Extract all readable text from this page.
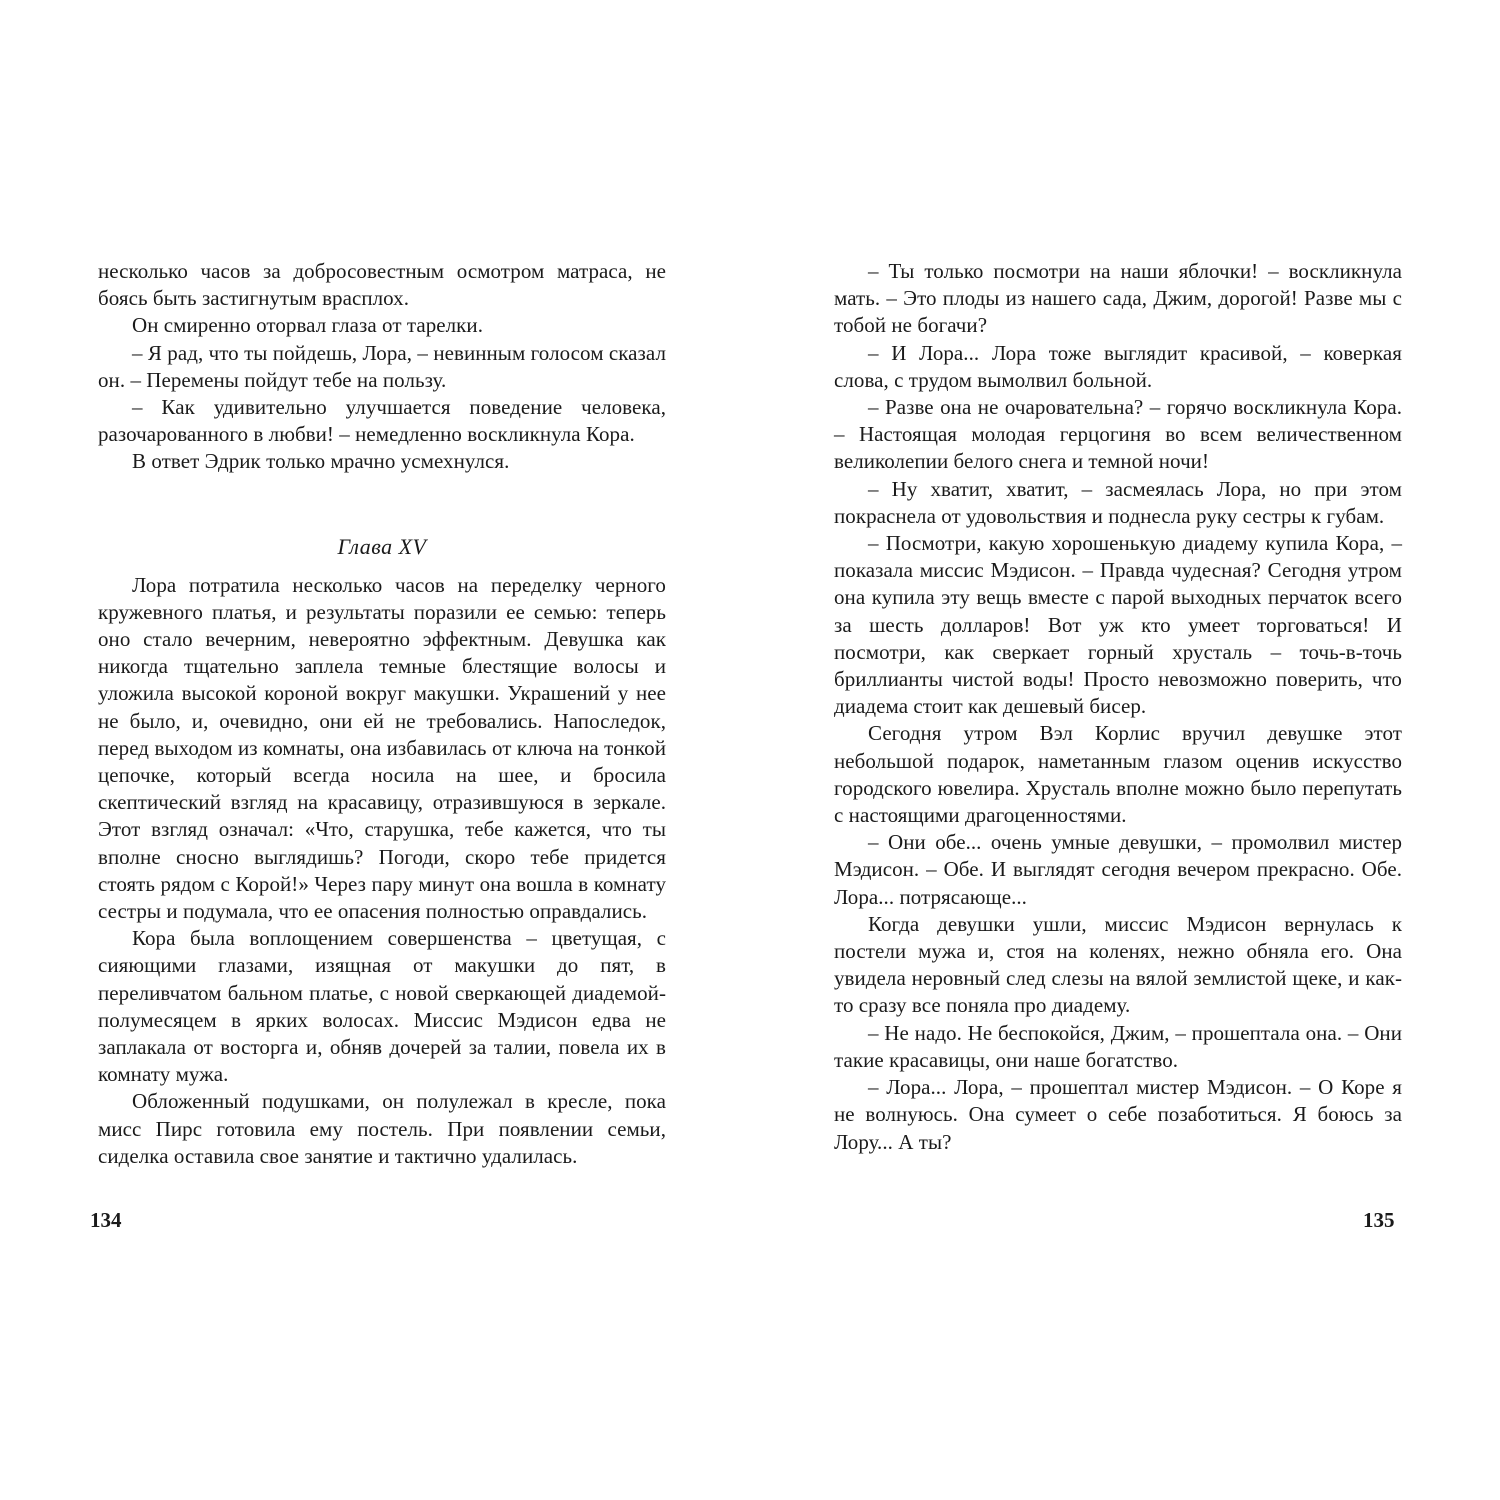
несколько часов за добросовестным осмотром матраса, не боясь быть застигнутым врасплох.

Он смиренно оторвал глаза от тарелки.

– Я рад, что ты пойдешь, Лора, – невинным голосом сказал он. – Перемены пойдут тебе на пользу.

– Как удивительно улучшается поведение человека, разочарованного в любви! – немедленно воскликнула Кора.

В ответ Эдрик только мрачно усмехнулся.

Глава XV

Лора потратила несколько часов на переделку черного кружевного платья, и результаты поразили ее семью: теперь оно стало вечерним, невероятно эффектным. Девушка как никогда тщательно заплела темные блестящие волосы и уложила высокой короной вокруг макушки. Украшений у нее не было, и, очевидно, они ей не требовались. Напоследок, перед выходом из комнаты, она избавилась от ключа на тонкой цепочке, который всегда носила на шее, и бросила скептический взгляд на красавицу, отразившуюся в зеркале. Этот взгляд означал: «Что, старушка, тебе кажется, что ты вполне сносно выглядишь? Погоди, скоро тебе придется стоять рядом с Корой!» Через пару минут она вошла в комнату сестры и подумала, что ее опасения полностью оправдались.

Кора была воплощением совершенства – цветущая, с сияющими глазами, изящная от макушки до пят, в переливчатом бальном платье, с новой сверкающей диадемой-полумесяцем в ярких волосах. Миссис Мэдисон едва не заплакала от восторга и, обняв дочерей за талии, повела их в комнату мужа.

Обложенный подушками, он полулежал в кресле, пока мисс Пирс готовила ему постель. При появлении семьи, сиделка оставила свое занятие и тактично удалилась.

134

– Ты только посмотри на наши яблочки! – воскликнула мать. – Это плоды из нашего сада, Джим, дорогой! Разве мы с тобой не богачи?

– И Лора... Лора тоже выглядит красивой, – коверкая слова, с трудом вымолвил больной.

– Разве она не очаровательна? – горячо воскликнула Кора. – Настоящая молодая герцогиня во всем величественном великолепии белого снега и темной ночи!

– Ну хватит, хватит, – засмеялась Лора, но при этом покраснела от удовольствия и поднесла руку сестры к губам.

– Посмотри, какую хорошенькую диадему купила Кора, – показала миссис Мэдисон. – Правда чудесная? Сегодня утром она купила эту вещь вместе с парой выходных перчаток всего за шесть долларов! Вот уж кто умеет торговаться! И посмотри, как сверкает горный хрусталь – точь-в-точь бриллианты чистой воды! Просто невозможно поверить, что диадема стоит как дешевый бисер.

Сегодня утром Вэл Корлис вручил девушке этот небольшой подарок, наметанным глазом оценив искусство городского ювелира. Хрусталь вполне можно было перепутать с настоящими драгоценностями.

– Они обе... очень умные девушки, – промолвил мистер Мэдисон. – Обе. И выглядят сегодня вечером прекрасно. Обе. Лора... потрясающе...

Когда девушки ушли, миссис Мэдисон вернулась к постели мужа и, стоя на коленях, нежно обняла его. Она увидела неровный след слезы на вялой землистой щеке, и как-то сразу все поняла про диадему.

– Не надо. Не беспокойся, Джим, – прошептала она. – Они такие красавицы, они наше богатство.

– Лора... Лора, – прошептал мистер Мэдисон. – О Коре я не волнуюсь. Она сумеет о себе позаботиться. Я боюсь за Лору... А ты?

135
